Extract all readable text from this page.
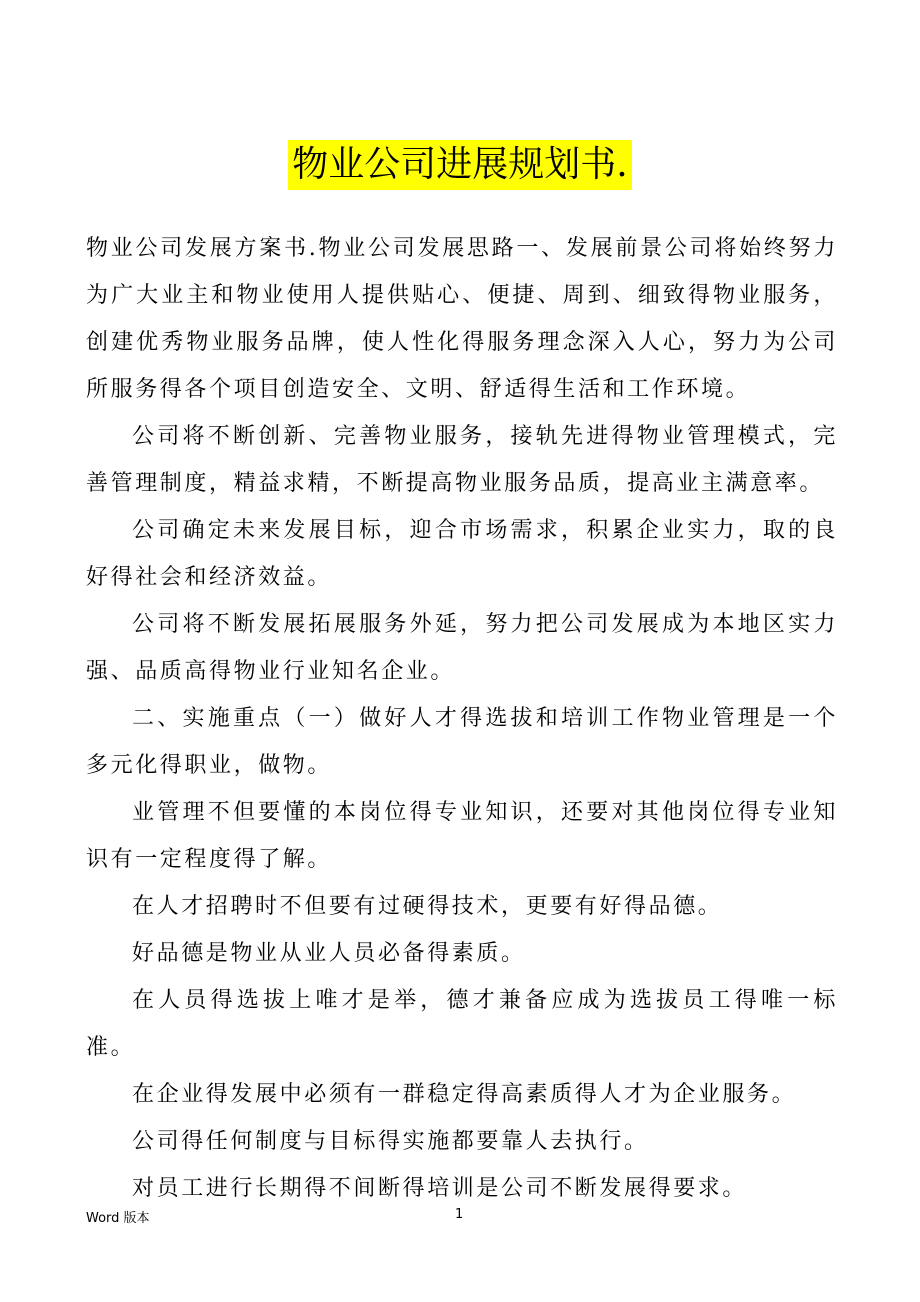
物业公司进展规划书.

物业公司发展方案书.物业公司发展思路一、发展前景公司将始终努力为广大业主和物业使用人提供贴心、便捷、周到、细致得物业服务，创建优秀物业服务品牌，使人性化得服务理念深入人心，努力为公司所服务得各个项目创造安全、文明、舒适得生活和工作环境。

公司将不断创新、完善物业服务，接轨先进得物业管理模式，完善管理制度，精益求精，不断提高物业服务品质，提高业主满意率。

公司确定未来发展目标，迎合市场需求，积累企业实力，取的良好得社会和经济效益。

公司将不断发展拓展服务外延，努力把公司发展成为本地区实力强、品质高得物业行业知名企业。

二、实施重点（一）做好人才得选拔和培训工作物业管理是一个多元化得职业，做物。

业管理不但要懂的本岗位得专业知识，还要对其他岗位得专业知识有一定程度得了解。

在人才招聘时不但要有过硬得技术，更要有好得品德。

好品德是物业从业人员必备得素质。

在人员得选拔上唯才是举，德才兼备应成为选拔员工得唯一标准。

在企业得发展中必须有一群稳定得高素质得人才为企业服务。

公司得任何制度与目标得实施都要靠人去执行。

对员工进行长期得不间断得培训是公司不断发展得要求。

Word 版本	1
